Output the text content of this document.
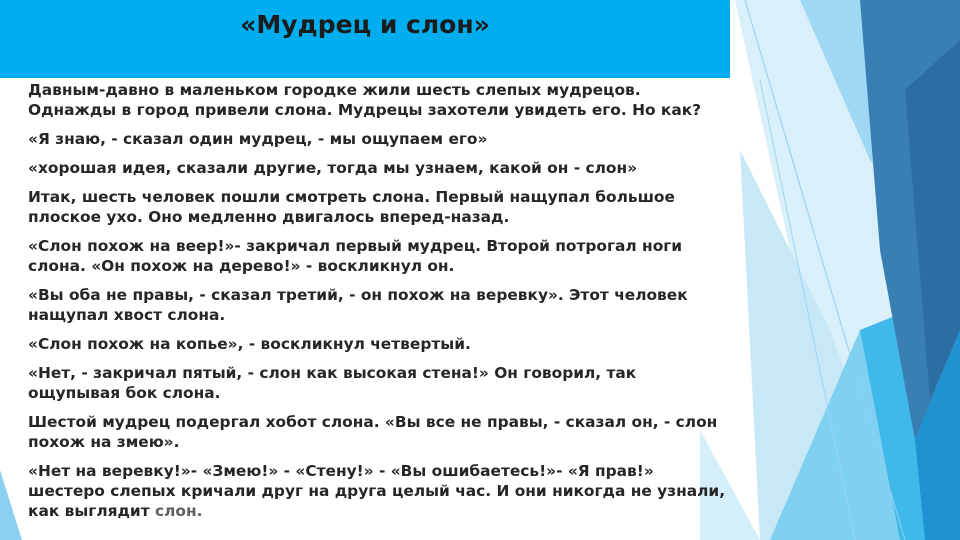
«Мудрец и слон»

Давным-давно в маленьком городке жили шесть слепых мудрецов. Однажды в город привели слона. Мудрецы захотели увидеть его. Но как?

«Я знаю, - сказал один мудрец, - мы ощупаем его»

«хорошая идея, сказали другие, тогда мы узнаем, какой он - слон»

Итак, шесть человек пошли смотреть слона. Первый нащупал большое плоское ухо. Оно медленно двигалось вперед-назад.

«Слон похож на веер!»- закричал первый мудрец. Второй потрогал ноги слона. «Он похож на дерево!» - воскликнул он.

«Вы оба не правы, - сказал третий, - он похож на веревку». Этот человек нащупал хвост слона.

«Слон похож на копье», - воскликнул четвертый.

«Нет, - закричал пятый, - слон как высокая стена!» Он говорил, так ощупывая бок слона.

Шестой мудрец подергал хобот слона. «Вы все не правы, - сказал он, - слон похож на змею».

«Нет на веревку!»- «Змею!» - «Стену!» - «Вы ошибаетесь!»- «Я прав!» шестеро слепых кричали друг на друга целый час. И они никогда не узнали, как выглядит слон.
